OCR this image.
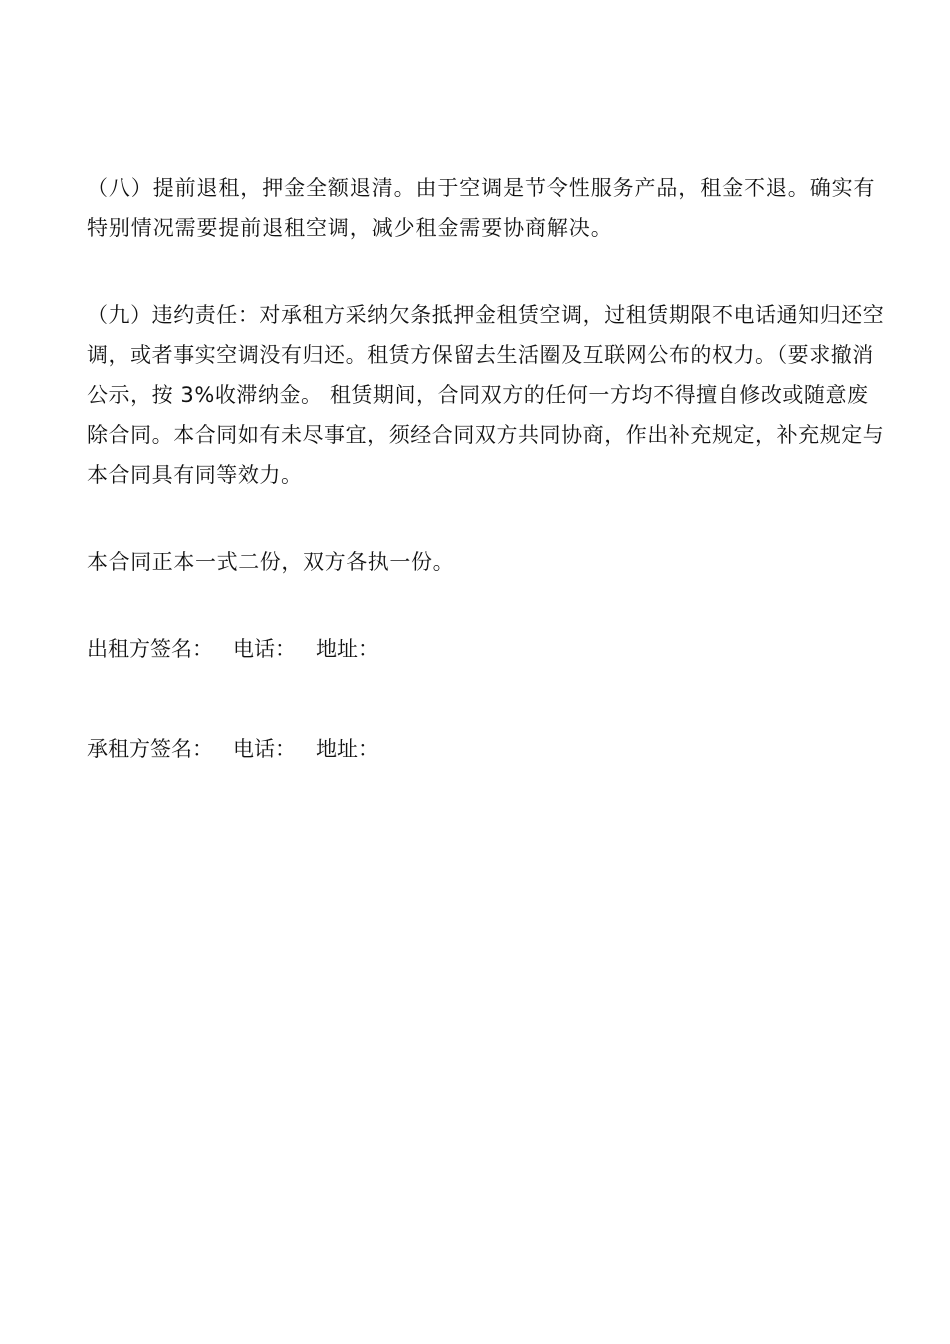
（八）提前退租，押金全额退清。由于空调是节令性服务产品，租金不退。确实有特别情况需要提前退租空调，减少租金需要协商解决。

（九）违约责任：对承租方采纳欠条抵押金租赁空调，过租赁期限不电话通知归还空调，或者事实空调没有归还。租赁方保留去生活圈及互联网公布的权力。（要求撤消公示，按 3%收滞纳金。 租赁期间，合同双方的任何一方均不得擅自修改或随意废除合同。本合同如有未尽事宜，须经合同双方共同协商，作出补充规定，补充规定与本合同具有同等效力。

本合同正本一式二份，双方各执一份。

出租方签名： 电话： 地址：

承租方签名： 电话： 地址：
